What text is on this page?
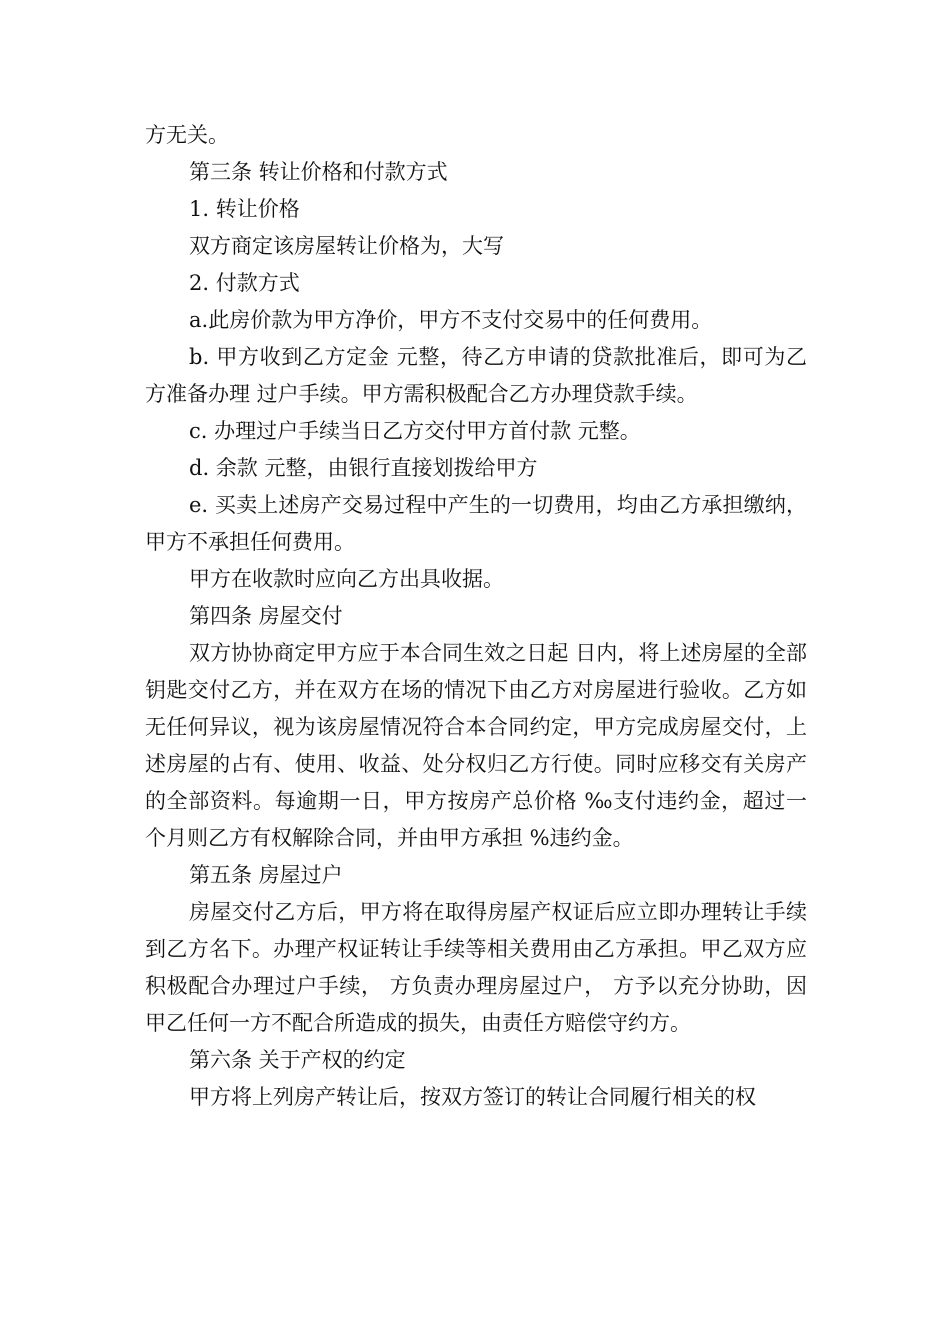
方无关。

第三条 转让价格和付款方式

1. 转让价格

双方商定该房屋转让价格为，大写

2. 付款方式

a.此房价款为甲方净价，甲方不支付交易中的任何费用。

b. 甲方收到乙方定金 元整，待乙方申请的贷款批准后，即可为乙方准备办理 过户手续。甲方需积极配合乙方办理贷款手续。

c. 办理过户手续当日乙方交付甲方首付款 元整。

d. 余款 元整，由银行直接划拨给甲方

e. 买卖上述房产交易过程中产生的一切费用，均由乙方承担缴纳，甲方不承担任何费用。

甲方在收款时应向乙方出具收据。

第四条 房屋交付

双方协协商定甲方应于本合同生效之日起 日内，将上述房屋的全部钥匙交付乙方，并在双方在场的情况下由乙方对房屋进行验收。乙方如无任何异议，视为该房屋情况符合本合同约定，甲方完成房屋交付，上述房屋的占有、使用、收益、处分权归乙方行使。同时应移交有关房产的全部资料。每逾期一日，甲方按房产总价格 ‰支付违约金，超过一个月则乙方有权解除合同，并由甲方承担 %违约金。

第五条 房屋过户

房屋交付乙方后，甲方将在取得房屋产权证后应立即办理转让手续到乙方名下。办理产权证转让手续等相关费用由乙方承担。甲乙双方应积极配合办理过户手续， 方负责办理房屋过户， 方予以充分协助，因甲乙任何一方不配合所造成的损失，由责任方赔偿守约方。

第六条 关于产权的约定

甲方将上列房产转让后，按双方签订的转让合同履行相关的权
